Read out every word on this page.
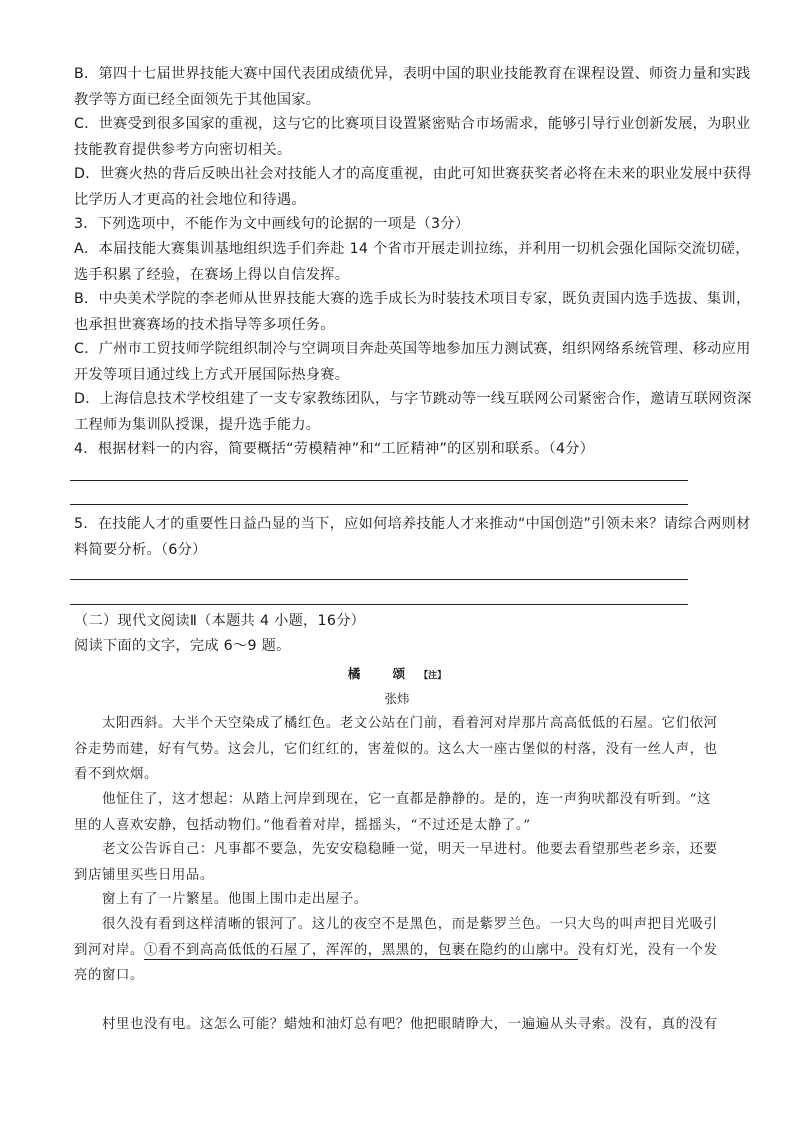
B．第四十七届世界技能大赛中国代表团成绩优异，表明中国的职业技能教育在课程设置、师资力量和实践
教学等方面已经全面领先于其他国家。

C．世赛受到很多国家的重视，这与它的比赛项目设置紧密贴合市场需求，能够引导行业创新发展，为职业
技能教育提供参考方向密切相关。

D．世赛火热的背后反映出社会对技能人才的高度重视，由此可知世赛获奖者必将在未来的职业发展中获得
比学历人才更高的社会地位和待遇。

3．下列选项中，不能作为文中画线句的论据的一项是（3分）

A．本届技能大赛集训基地组织选手们奔赴 14 个省市开展走训拉练，并利用一切机会强化国际交流切磋，
选手积累了经验，在赛场上得以自信发挥。

B．中央美术学院的李老师从世界技能大赛的选手成长为时装技术项目专家，既负责国内选手选拔、集训，
也承担世赛赛场的技术指导等多项任务。

C．广州市工贸技师学院组织制冷与空调项目奔赴英国等地参加压力测试赛，组织网络系统管理、移动应用
开发等项目通过线上方式开展国际热身赛。

D．上海信息技术学校组建了一支专家教练团队，与字节跳动等一线互联网公司紧密合作，邀请互联网资深
工程师为集训队授课，提升选手能力。

4．根据材料一的内容，简要概括“劳模精神”和“工匠精神”的区别和联系。（4分）

5．在技能人才的重要性日益凸显的当下，应如何培养技能人才来推动“中国创造”引领未来？请综合两则材
料简要分析。（6分）

（二）现代文阅读Ⅱ（本题共 4 小题，16分）

阅读下面的文字，完成 6～9 题。

橘 颂【注】
张炜

太阳西斜。大半个天空染成了橘红色。老文公站在门前，看着河对岸那片高高低低的石屋。它们依河
谷走势而建，好有气势。这会儿，它们红红的，害羞似的。这么大一座古堡似的村落，没有一丝人声，也
看不到炊烟。

他怔住了，这才想起：从踏上河岸到现在，它一直都是静静的。是的，连一声狗吠都没有听到。“这
里的人喜欢安静，包括动物们。”他看着对岸，摇摇头，“不过还是太静了。”

老文公告诉自己：凡事都不要急，先安安稳稳睡一觉，明天一早进村。他要去看望那些老乡亲，还要
到店铺里买些日用品。

窗上有了一片繁星。他围上围巾走出屋子。

很久没有看到这样清晰的银河了。这儿的夜空不是黑色，而是紫罗兰色。一只大鸟的叫声把目光吸引
到河对岸。①看不到高高低低的石屋了，浑浑的，黑黑的，包裹在隐约的山廓中。没有灯光，没有一个发
亮的窗口。

村里也没有电。这怎么可能？蜡烛和油灯总有吧？他把眼睛睁大，一遍遍从头寻索。没有，真的没有
